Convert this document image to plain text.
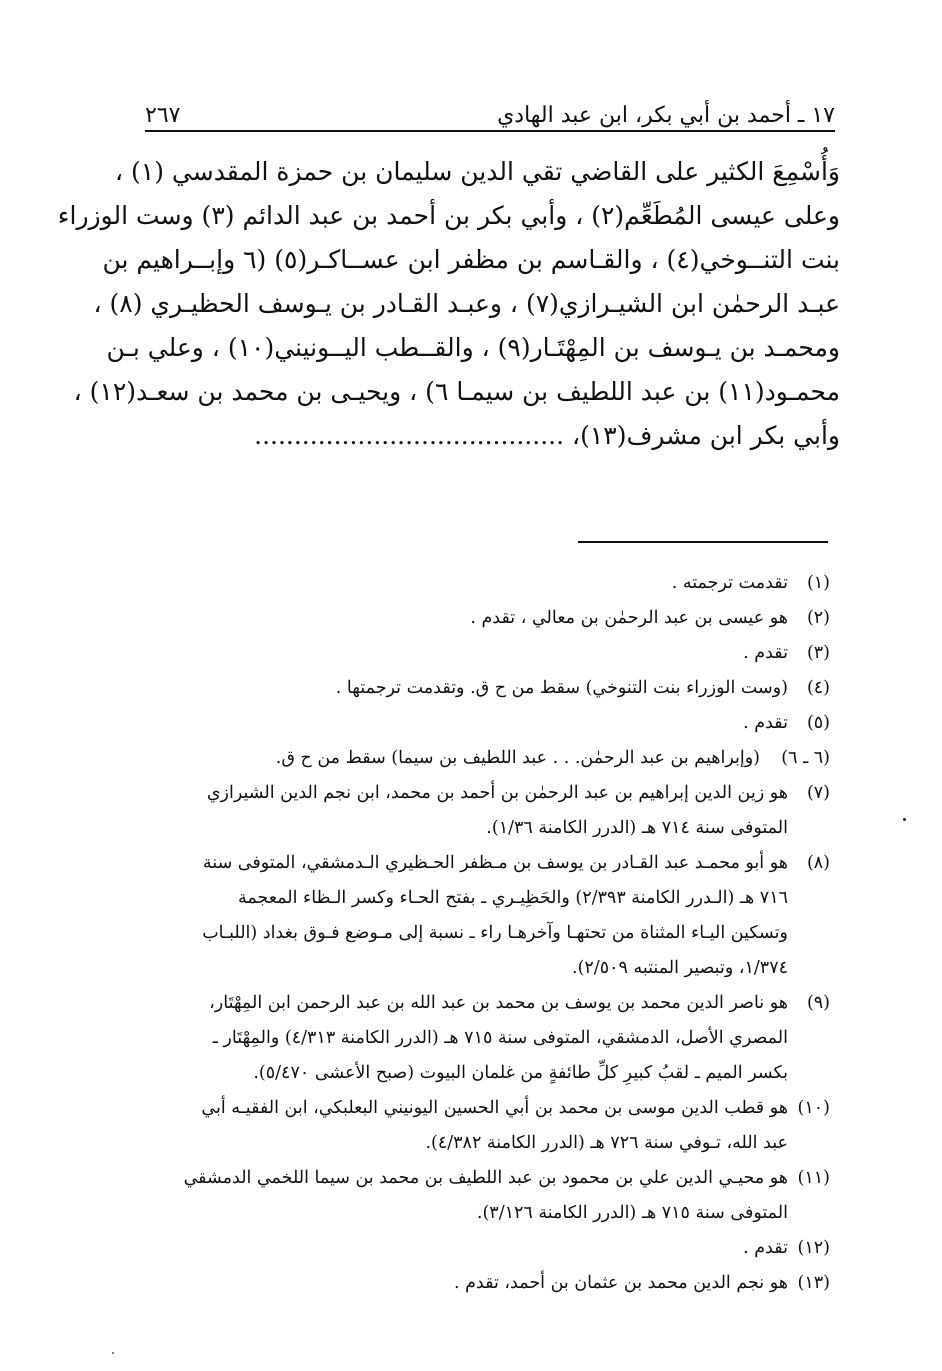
١٧ ـ أحمد بن أبي بكر، ابن عبد الهادي
٢٦٧
وَأُسْمِعَ الكثير على القاضي تقي الدين سليمان بن حمزة المقدسي (١) ،
وعلى عيسى المُطَعِّم(٢) ، وأبي بكر بن أحمد بن عبد الدائم (٣) وست الوزراء
بنت التنــوخي(٤) ، والقـاسم بن مظفر ابن عســاكـر(٥) (٦ وإبــراهيم بن
عبـد الرحمٰن ابن الشيـرازي(٧) ، وعبـد القـادر بن يـوسف الحظيـري (٨) ،
ومحمـد بن يـوسف بن المِهْتَـار(٩) ، والقــطب اليــونيني(١٠) ، وعلي بـن
محمـود(١١) بن عبد اللطيف بن سيمـا ٦) ، ويحيـى بن محمد بن سعـد(١٢) ،
وأبي بكر ابن مشرف(١٣)، .......................................
(١)
تقدمت ترجمته .
(٢)
هو عيسى بن عبد الرحمٰن بن معالي ، تقدم .
(٣)
تقدم .
(٤)
(وست الوزراء بنت التنوخي) سقط من ح ق. وتقدمت ترجمتها .
(٥)
تقدم .
(٦ ـ ٦)
(وإبراهيم بن عبد الرحمٰن. . . عبد اللطيف بن سيما) سقط من ح ق.
(٧)
هو زين الدين إبراهيم بن عبد الرحمٰن بن أحمد بن محمد، ابن نجم الدين الشيرازي
المتوفى سنة ٧١٤ هـ (الدرر الكامنة ١/٣٦).
(٨)
هو أبو محمـد عبد القـادر بن يوسف بن مـظفر الحـظيري الـدمشقي، المتوفى سنة
٧١٦ هـ (الـدرر الكامنة ٢/٣٩٣) والحَظِيـري ـ بفتح الحـاء وكسر الـظاء المعجمة
وتسكين اليـاء المثناة من تحتهـا وآخرهـا راء ـ نسبة إلى مـوضع فـوق بغداد (اللبـاب
١/٣٧٤، وتبصير المنتبه ٢/٥٠٩).
(٩)
هو ناصر الدين محمد بن يوسف بن محمد بن عبد الله بن عبد الرحمن ابن المِهْتَار،
المصري الأصل، الدمشقي، المتوفى سنة ٧١٥ هـ (الدرر الكامنة ٤/٣١٣) والمِهْتَار ـ
بكسر الميم ـ لقبُ كبيرِ كلِّ طائفةٍ من غلمان البيوت (صبح الأعشى ٥/٤٧٠).
(١٠)
هو قطب الدين موسى بن محمد بن أبي الحسين اليونيني البعلبكي، ابن الفقيـه أبي
عبد الله، تـوفي سنة ٧٢٦ هـ (الدرر الكامنة ٤/٣٨٢).
(١١)
هو محيـي الدين علي بن محمود بن عبد اللطيف بن محمد بن سيما اللخمي الدمشقي
المتوفى سنة ٧١٥ هـ (الدرر الكامنة ٣/١٢٦).
(١٢)
تقدم .
(١٣)
هو نجم الدين محمد بن عثمان بن أحمد، تقدم .
